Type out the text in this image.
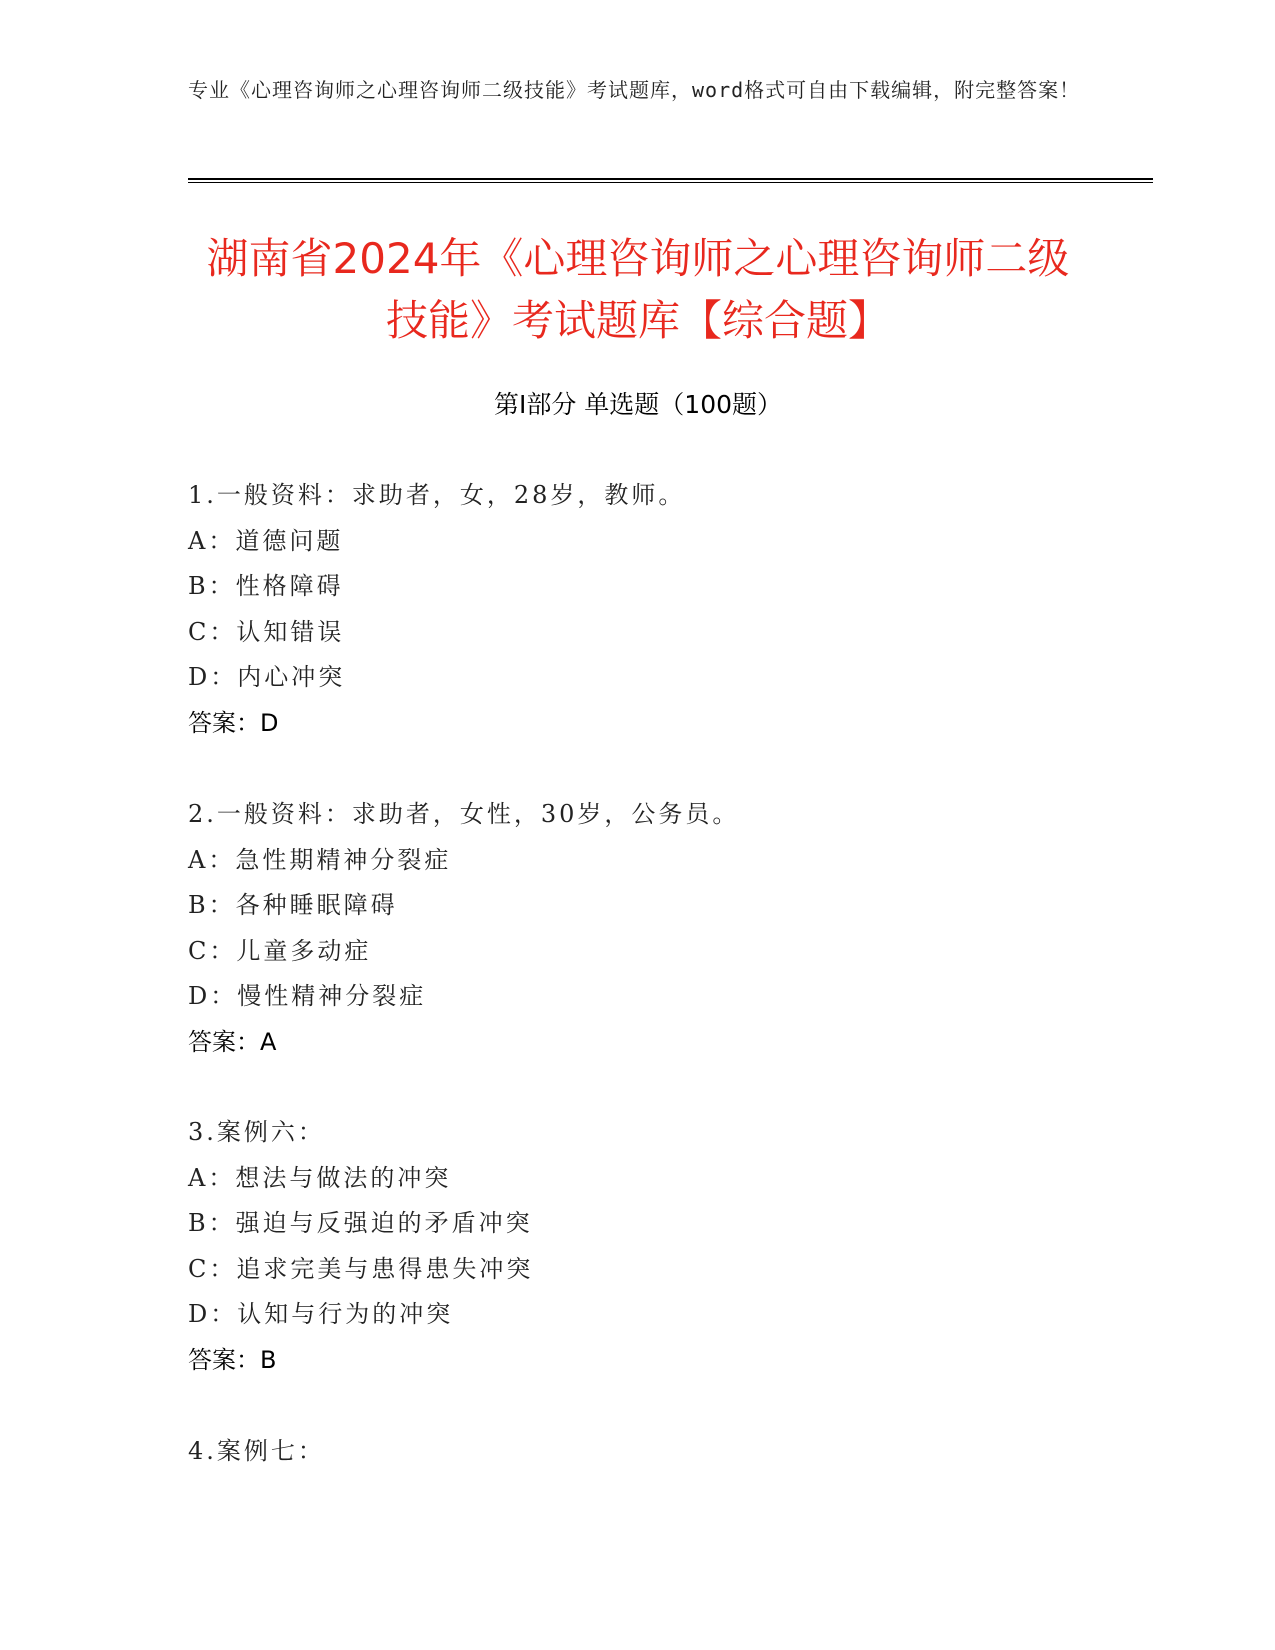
专业《心理咨询师之心理咨询师二级技能》考试题库，word格式可自由下载编辑，附完整答案！
湖南省2024年《心理咨询师之心理咨询师二级技能》考试题库【综合题】
第I部分 单选题（100题）
1.一般资料：求助者，女，28岁，教师。
A：道德问题
B：性格障碍
C：认知错误
D：内心冲突
答案：D
2.一般资料：求助者，女性，30岁，公务员。
A：急性期精神分裂症
B：各种睡眠障碍
C：儿童多动症
D：慢性精神分裂症
答案：A
3.案例六：
A：想法与做法的冲突
B：强迫与反强迫的矛盾冲突
C：追求完美与患得患失冲突
D：认知与行为的冲突
答案：B
4.案例七：
